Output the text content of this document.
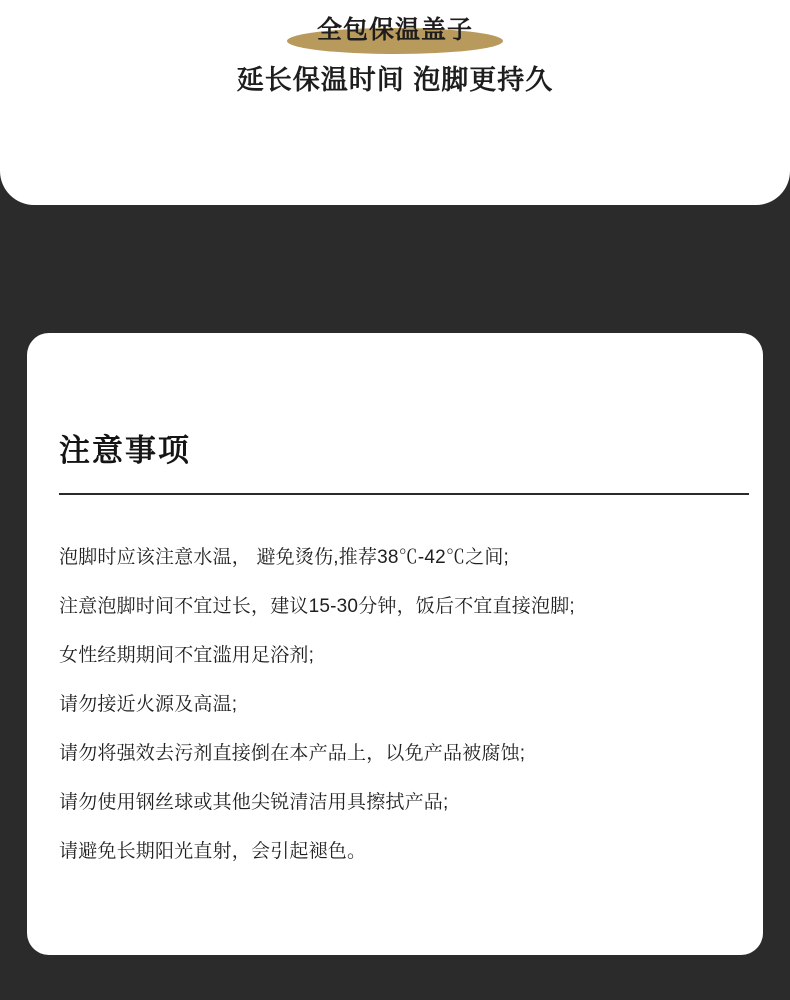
全包保温盖子
延长保温时间 泡脚更持久
注意事项
泡脚时应该注意水温， 避免烫伤,推荐38℃-42℃之间;
注意泡脚时间不宜过长，建议15-30分钟，饭后不宜直接泡脚;
女性经期期间不宜滥用足浴剂;
请勿接近火源及高温;
请勿将强效去污剂直接倒在本产品上，以免产品被腐蚀;
请勿使用钢丝球或其他尖锐清洁用具擦拭产品;
请避免长期阳光直射，会引起褪色。
